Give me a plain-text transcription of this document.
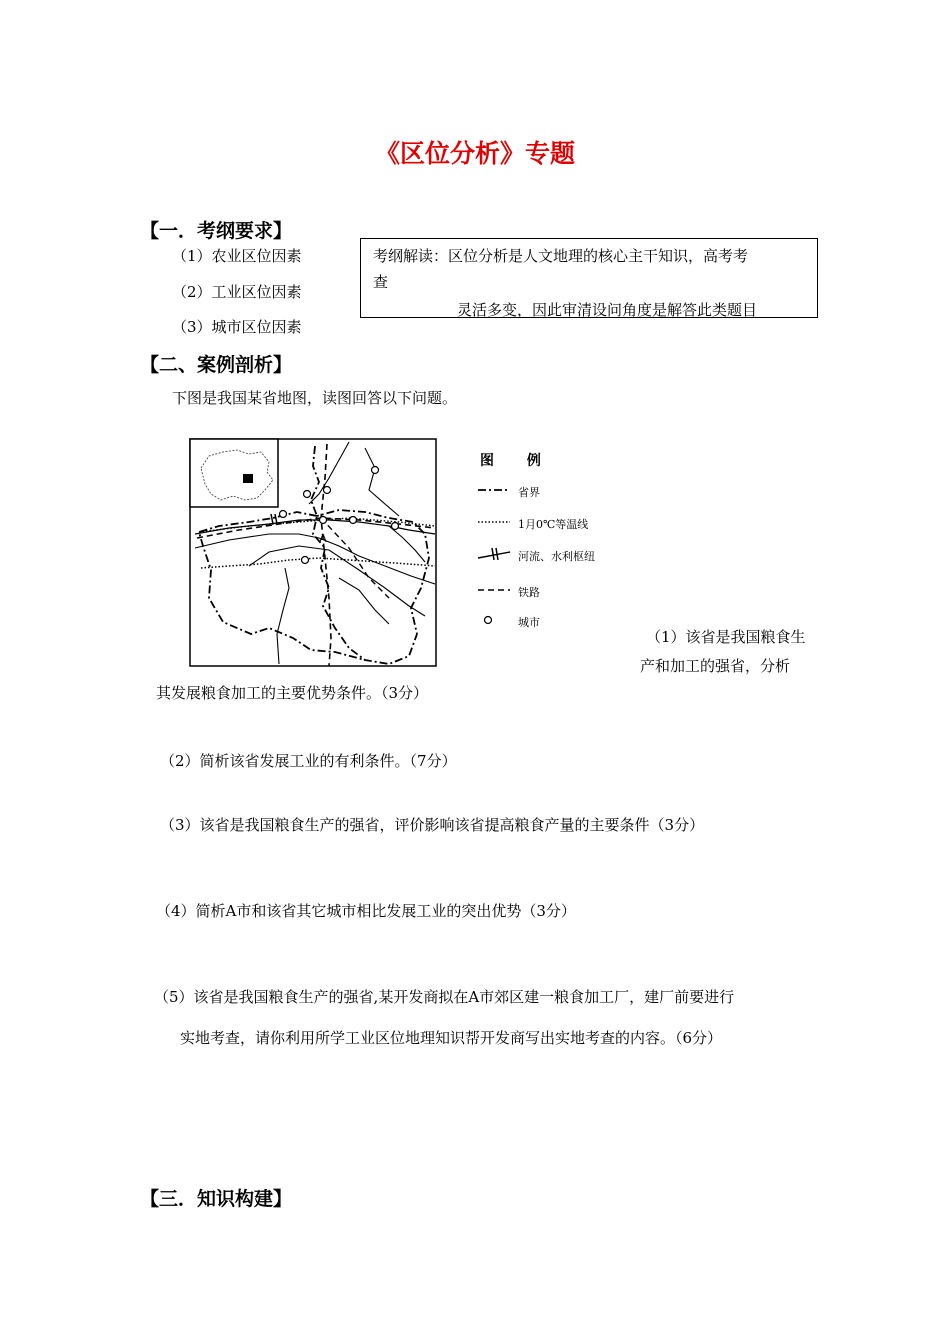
《区位分析》专题
【一．考纲要求】
（1）农业区位因素
（2）工业区位因素
（3）城市区位因素
考纲解读：区位分析是人文地理的核心主干知识，高考考
查
灵活多变，因此审清设问角度是解答此类题目
【二、案例剖析】
下图是我国某省地图，读图回答以下问题。
A
图 例
省界
1月0℃等温线
河流、水利枢纽
铁路
城市
（1）该省是我国粮食生
产和加工的强省，分析
其发展粮食加工的主要优势条件。（3分）
（2）简析该省发展工业的有利条件。（7分）
（3）该省是我国粮食生产的强省，评价影响该省提高粮食产量的主要条件（3分）
（4）简析A市和该省其它城市相比发展工业的突出优势（3分）
（5）该省是我国粮食生产的强省,某开发商拟在A市郊区建一粮食加工厂，建厂前要进行
实地考查，请你利用所学工业区位地理知识帮开发商写出实地考查的内容。（6分）
【三．知识构建】
